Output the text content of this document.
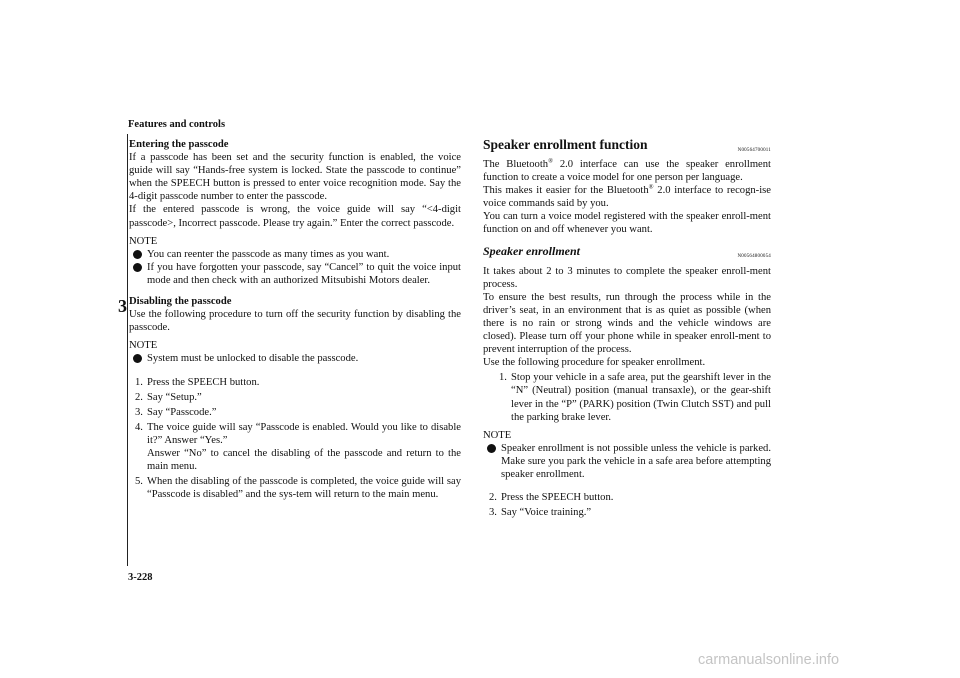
Features and controls
3
3-228
carmanualsonline.info

Entering the passcode

If a passcode has been set and the security function is enabled, the voice guide will say “Hands-free system is locked. State the passcode to continue” when the SPEECH button is pressed to enter voice recognition mode. Say the 4-digit passcode number to enter the passcode.

If the entered passcode is wrong, the voice guide will say “<4-digit passcode>, Incorrect passcode. Please try again.” Enter the correct passcode.

NOTE

You can reenter the passcode as many times as you want.
If you have forgotten your passcode, say “Cancel” to quit the voice input mode and then check with an authorized Mitsubishi Motors dealer.

Disabling the passcode

Use the following procedure to turn off the security function by disabling the passcode.

NOTE

System must be unlocked to disable the passcode.
1. Press the SPEECH button.
2. Say “Setup.”
3. Say “Passcode.”
4. The voice guide will say “Passcode is enabled. Would you like to disable it?” Answer “Yes.”
Answer “No” to cancel the disabling of the passcode and return to the main menu.
5. When the disabling of the passcode is completed, the voice guide will say “Passcode is disabled” and the sys-tem will return to the main menu.

Speaker enrollment function	N00564700011

The Bluetooth® 2.0 interface can use the speaker enrollment function to create a voice model for one person per language.

This makes it easier for the Bluetooth® 2.0 interface to recogn-ise voice commands said by you.

You can turn a voice model registered with the speaker enroll-ment function on and off whenever you want.

Speaker enrollment	N00564800054

It takes about 2 to 3 minutes to complete the speaker enroll-ment process.

To ensure the best results, run through the process while in the driver’s seat, in an environment that is as quiet as possible (when there is no rain or strong winds and the vehicle windows are closed). Please turn off your phone while in speaker enroll-ment to prevent interruption of the process.

Use the following procedure for speaker enrollment.

1. Stop your vehicle in a safe area, put the gearshift lever in the “N” (Neutral) position (manual transaxle), or the gear-shift lever in the “P” (PARK) position (Twin Clutch SST) and pull the parking brake lever.

NOTE

Speaker enrollment is not possible unless the vehicle is parked. Make sure you park the vehicle in a safe area before attempting speaker enrollment.
2. Press the SPEECH button.
3. Say “Voice training.”
